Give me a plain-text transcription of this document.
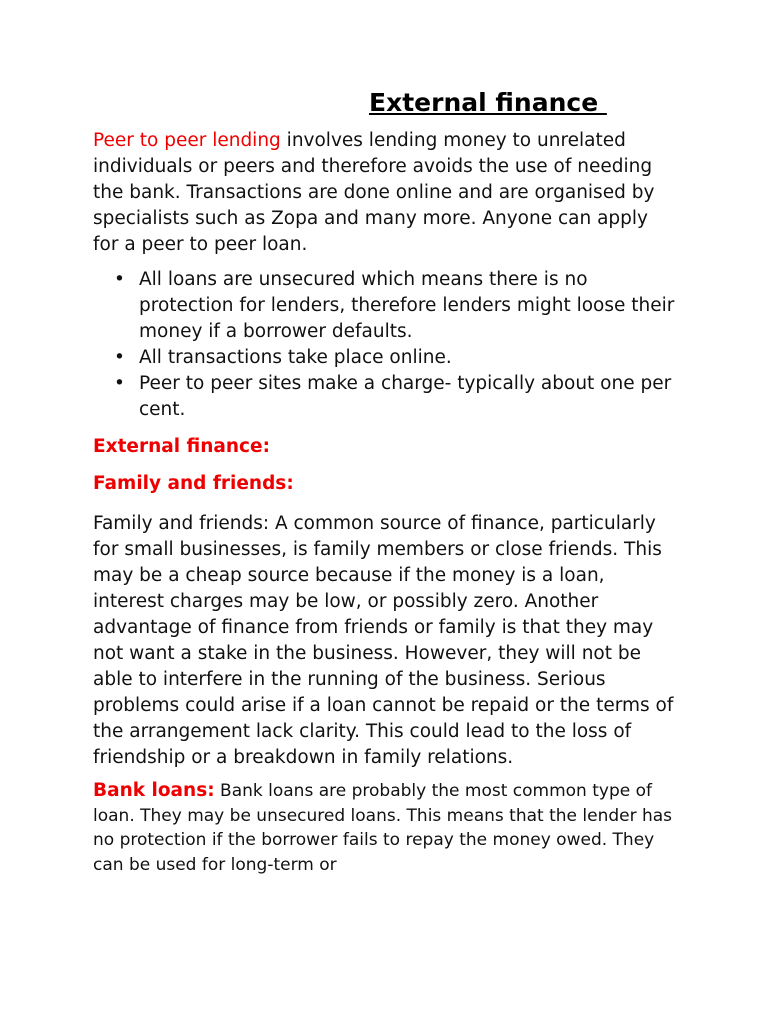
External finance

Peer to peer lending involves lending money to unrelated individuals or peers and therefore avoids the use of needing the bank. Transactions are done online and are organised by specialists such as Zopa and many more. Anyone can apply for a peer to peer loan.

• All loans are unsecured which means there is no protection for lenders, therefore lenders might loose their money if a borrower defaults.
• All transactions take place online.
• Peer to peer sites make a charge- typically about one per cent.

External finance:

Family and friends:

Family and friends: A common source of finance, particularly for small businesses, is family members or close friends. This may be a cheap source because if the money is a loan, interest charges may be low, or possibly zero. Another advantage of finance from friends or family is that they may not want a stake in the business. However, they will not be able to interfere in the running of the business. Serious problems could arise if a loan cannot be repaid or the terms of the arrangement lack clarity. This could lead to the loss of friendship or a breakdown in family relations.

Bank loans: Bank loans are probably the most common type of loan. They may be unsecured loans. This means that the lender has no protection if the borrower fails to repay the money owed. They can be used for long-term or
